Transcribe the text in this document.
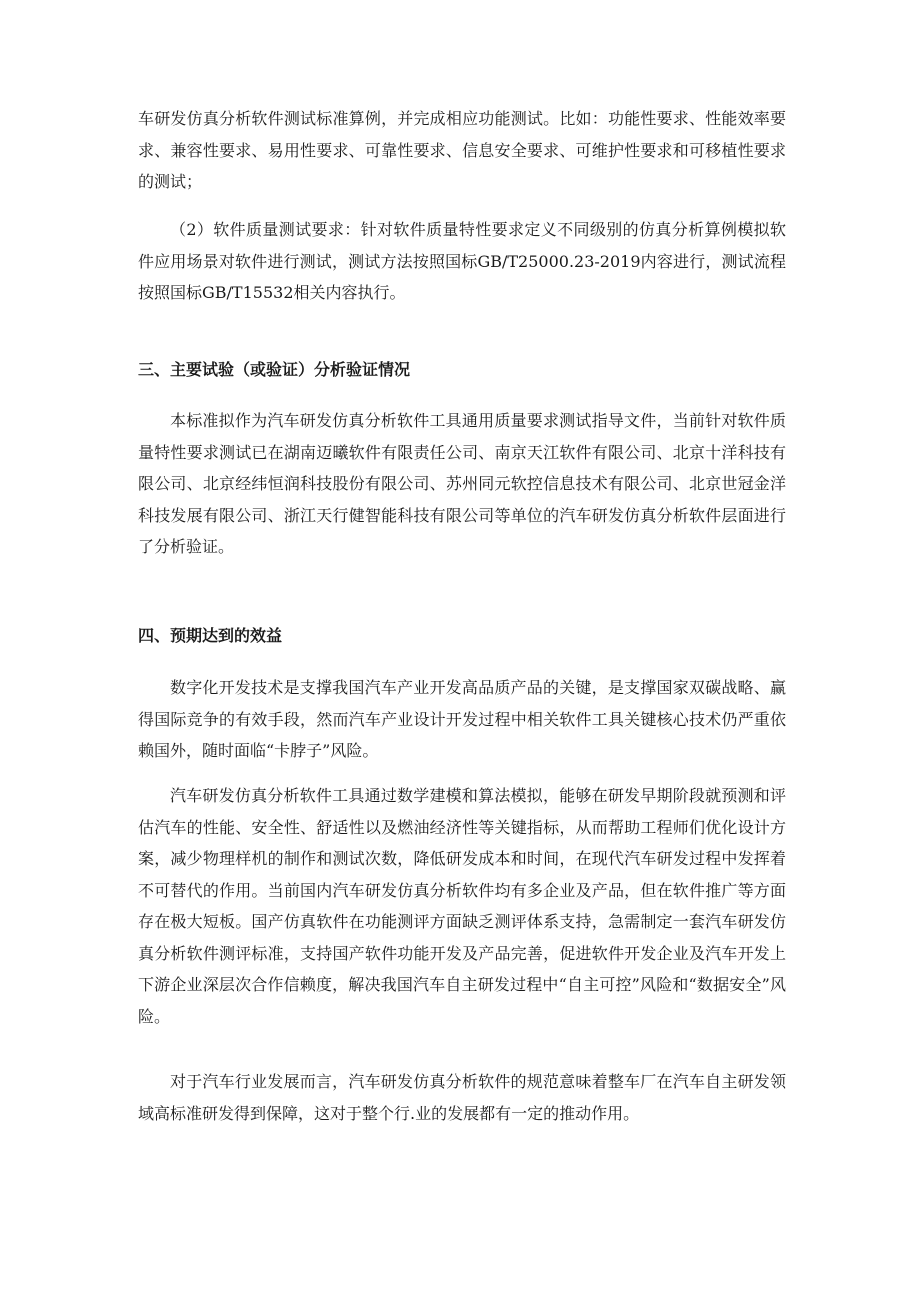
车研发仿真分析软件测试标准算例，并完成相应功能测试。比如：功能性要求、性能效率要求、兼容性要求、易用性要求、可靠性要求、信息安全要求、可维护性要求和可移植性要求的测试；

（2）软件质量测试要求：针对软件质量特性要求定义不同级别的仿真分析算例模拟软件应用场景对软件进行测试，测试方法按照国标GB/T25000.23-2019内容进行，测试流程按照国标GB/T15532相关内容执行。

三、主要试验（或验证）分析验证情况

本标准拟作为汽车研发仿真分析软件工具通用质量要求测试指导文件，当前针对软件质量特性要求测试已在湖南迈曦软件有限责任公司、南京天江软件有限公司、北京十洋科技有限公司、北京经纬恒润科技股份有限公司、苏州同元软控信息技术有限公司、北京世冠金洋科技发展有限公司、浙江天行健智能科技有限公司等单位的汽车研发仿真分析软件层面进行了分析验证。

四、预期达到的效益

数字化开发技术是支撑我国汽车产业开发高品质产品的关键，是支撑国家双碳战略、赢得国际竞争的有效手段，然而汽车产业设计开发过程中相关软件工具关键核心技术仍严重依赖国外，随时面临“卡脖子”风险。

汽车研发仿真分析软件工具通过数学建模和算法模拟，能够在研发早期阶段就预测和评估汽车的性能、安全性、舒适性以及燃油经济性等关键指标，从而帮助工程师们优化设计方案，减少物理样机的制作和测试次数，降低研发成本和时间，在现代汽车研发过程中发挥着不可替代的作用。当前国内汽车研发仿真分析软件均有多企业及产品，但在软件推广等方面存在极大短板。国产仿真软件在功能测评方面缺乏测评体系支持，急需制定一套汽车研发仿真分析软件测评标准，支持国产软件功能开发及产品完善，促进软件开发企业及汽车开发上下游企业深层次合作信赖度，解决我国汽车自主研发过程中“自主可控”风险和“数据安全”风险。

对于汽车行业发展而言，汽车研发仿真分析软件的规范意味着整车厂在汽车自主研发领域高标准研发得到保障，这对于整个行.业的发展都有一定的推动作用。
